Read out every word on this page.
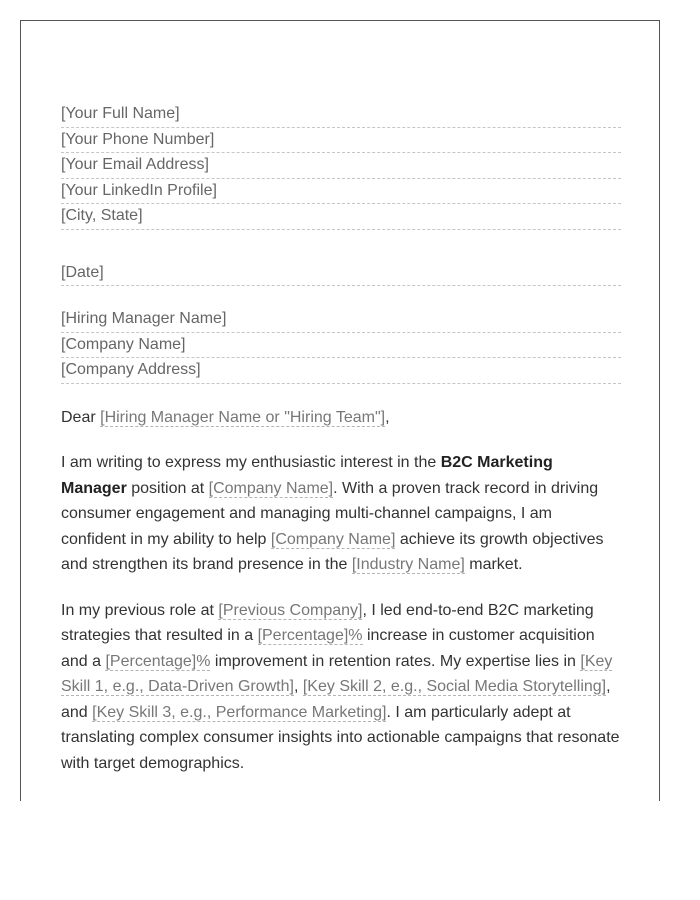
[Your Full Name]
[Your Phone Number]
[Your Email Address]
[Your LinkedIn Profile]
[City, State]
[Date]
[Hiring Manager Name]
[Company Name]
[Company Address]

Dear [Hiring Manager Name or "Hiring Team"],

I am writing to express my enthusiastic interest in the B2C Marketing Manager position at [Company Name]. With a proven track record in driving consumer engagement and managing multi-channel campaigns, I am confident in my ability to help [Company Name] achieve its growth objectives and strengthen its brand presence in the [Industry Name] market.

In my previous role at [Previous Company], I led end-to-end B2C marketing strategies that resulted in a [Percentage]% increase in customer acquisition and a [Percentage]% improvement in retention rates. My expertise lies in [Key Skill 1, e.g., Data-Driven Growth], [Key Skill 2, e.g., Social Media Storytelling], and [Key Skill 3, e.g., Performance Marketing]. I am particularly adept at translating complex consumer insights into actionable campaigns that resonate with target demographics.
